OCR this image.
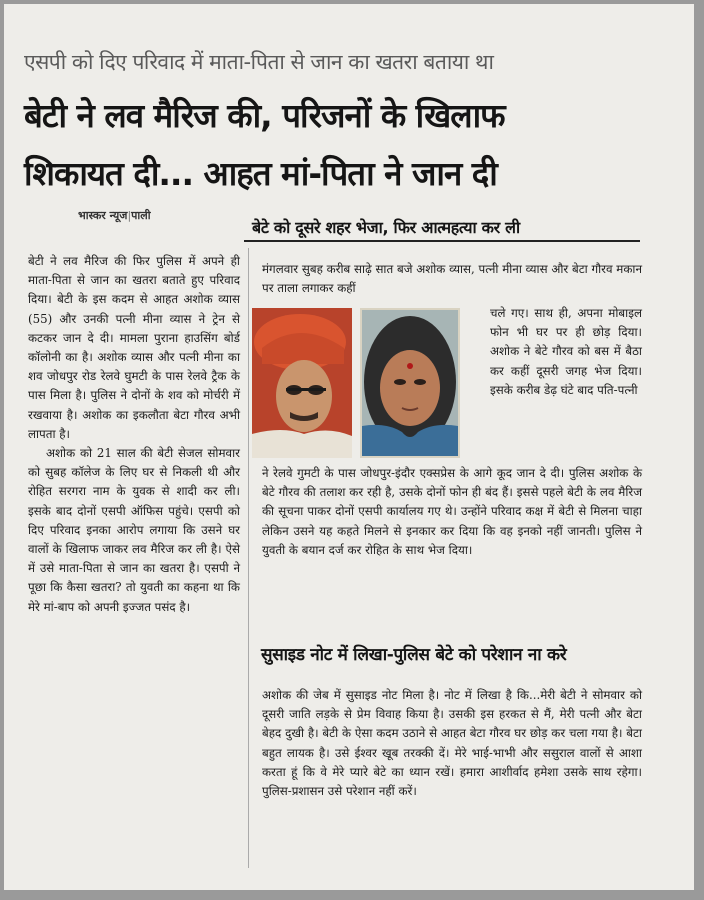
एसपी को दिए परिवाद में माता-पिता से जान का खतरा बताया था
बेटी ने लव मैरिज की, परिजनों के खिलाफ
शिकायत दी... आहत मां-पिता ने जान दी
भास्कर न्यूज|पाली
बेटे को दूसरे शहर भेजा, फिर आत्महत्या कर ली

बेटी ने लव मैरिज की फिर पुलिस में अपने ही माता-पिता से जान का खतरा बताते हुए परिवाद दिया। बेटी के इस कदम से आहत अशोक व्यास (55) और उनकी पत्नी मीना व्यास ने ट्रेन से कटकर जान दे दी। मामला पुराना हाउसिंग बोर्ड कॉलोनी का है। अशोक व्यास और पत्नी मीना का शव जोधपुर रोड रेलवे घुमटी के पास रेलवे ट्रैक के पास मिला है। पुलिस ने दोनों के शव को मोर्चरी में रखवाया है। अशोक का इकलौता बेटा गौरव अभी लापता है।

अशोक को 21 साल की बेटी सेजल सोमवार को सुबह कॉलेज के लिए घर से निकली थी और रोहित सरगरा नाम के युवक से शादी कर ली। इसके बाद दोनों एसपी ऑफिस पहुंचे। एसपी को दिए परिवाद इनका आरोप लगाया कि उसने घर वालों के खिलाफ जाकर लव मैरिज कर ली है। ऐसे में उसे माता-पिता से जान का खतरा है। एसपी ने पूछा कि कैसा खतरा? तो युवती का कहना था कि मेरे मां-बाप को अपनी इज्जत पसंद है।

मंगलवार सुबह करीब साढ़े सात बजे अशोक व्यास, पत्नी मीना व्यास और बेटा गौरव मकान पर ताला लगाकर कहीं

चले गए। साथ ही, अपना मोबाइल फोन भी घर पर ही छोड़ दिया। अशोक ने बेटे गौरव को बस में बैठा कर कहीं दूसरी जगह भेज दिया। इसके करीब डेढ़ घंटे बाद पति-पत्नी

ने रेलवे गुमटी के पास जोधपुर-इंदौर एक्सप्रेस के आगे कूद जान दे दी। पुलिस अशोक के बेटे गौरव की तलाश कर रही है, उसके दोनों फोन ही बंद हैं। इससे पहले बेटी के लव मैरिज की सूचना पाकर दोनों एसपी कार्यालय गए थे। उन्होंने परिवाद कक्ष में बेटी से मिलना चाहा लेकिन उसने यह कहते मिलने से इनकार कर दिया कि वह इनको नहीं जानती। पुलिस ने युवती के बयान दर्ज कर रोहित के साथ भेज दिया।

सुसाइड नोट में लिखा-पुलिस बेटे को परेशान ना करे

अशोक की जेब में सुसाइड नोट मिला है। नोट में लिखा है कि...मेरी बेटी ने सोमवार को दूसरी जाति लड़के से प्रेम विवाह किया है। उसकी इस हरकत से मैं, मेरी पत्नी और बेटा बेहद दुखी है। बेटी के ऐसा कदम उठाने से आहत बेटा गौरव घर छोड़ कर चला गया है। बेटा बहुत लायक है। उसे ईश्वर खूब तरक्की दें। मेरे भाई-भाभी और ससुराल वालों से आशा करता हूं कि वे मेरे प्यारे बेटे का ध्यान रखें। हमारा आशीर्वाद हमेशा उसके साथ रहेगा। पुलिस-प्रशासन उसे परेशान नहीं करें।
